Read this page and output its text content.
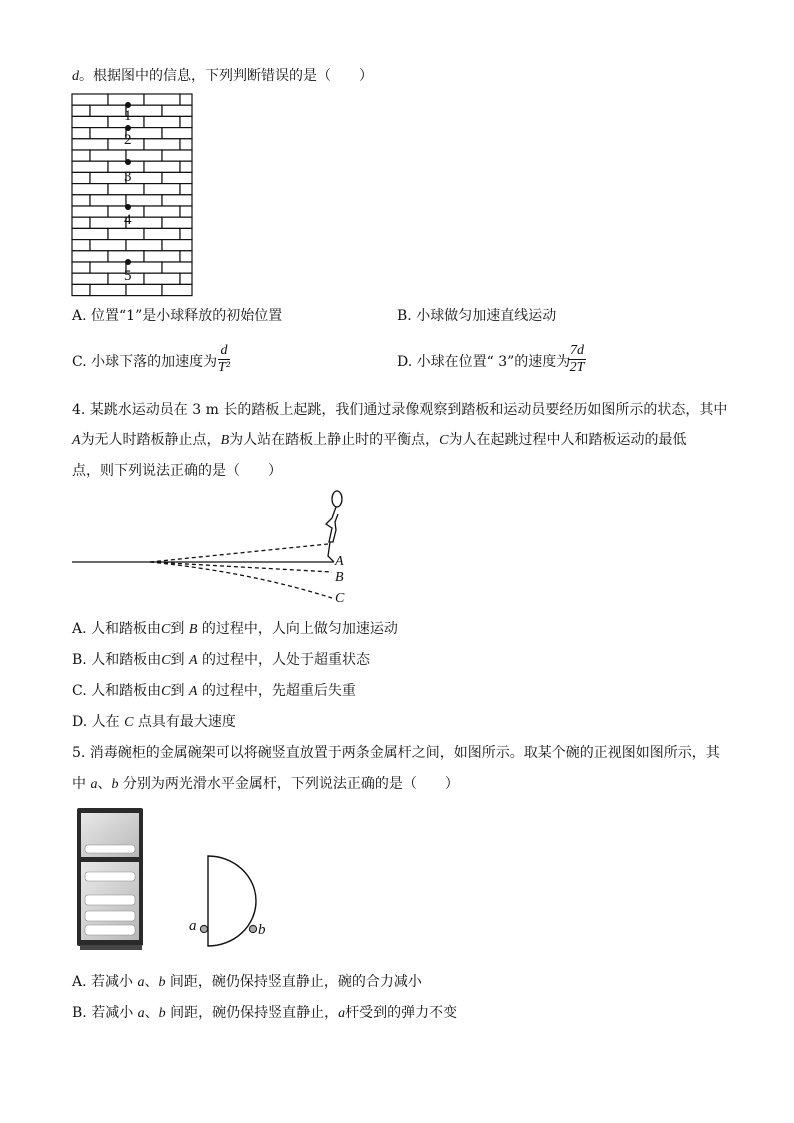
d。根据图中的信息，下列判断错误的是（　　）
1
2
3
4
5
A. 位置“1”是小球释放的初始位置	B. 小球做匀加速直线运动
C. 小球下落的加速度为 $\frac{d}{\text{T²}}$	D. 小球在位置“ 3”的速度为
$\frac{7d}{2T}$
4. 某跳水运动员在 3 m 长的踏板上起跳，我们通过录像观察到踏板和运动员要经历如图所示的状态，其中
A为无人时踏板静止点，B为人站在踏板上静止时的平衡点，C为人在起跳过程中人和踏板运动的最低
点，则下列说法正确的是（　　）
A
B
C
A. 人和踏板由C到 B 的过程中，人向上做匀加速运动
B. 人和踏板由C到 A 的过程中，人处于超重状态
C. 人和踏板由C到 A 的过程中，先超重后失重
D. 人在 C 点具有最大速度
5. 消毒碗柜的金属碗架可以将碗竖直放置于两条金属杆之间，如图所示。取某个碗的正视图如图所示，其
中 a、b 分别为两光滑水平金属杆，下列说法正确的是（　　）
a	b
A. 若减小 a、b 间距，碗仍保持竖直静止，碗的合力减小
B. 若减小 a、b 间距，碗仍保持竖直静止，a杆受到的弹力不变
